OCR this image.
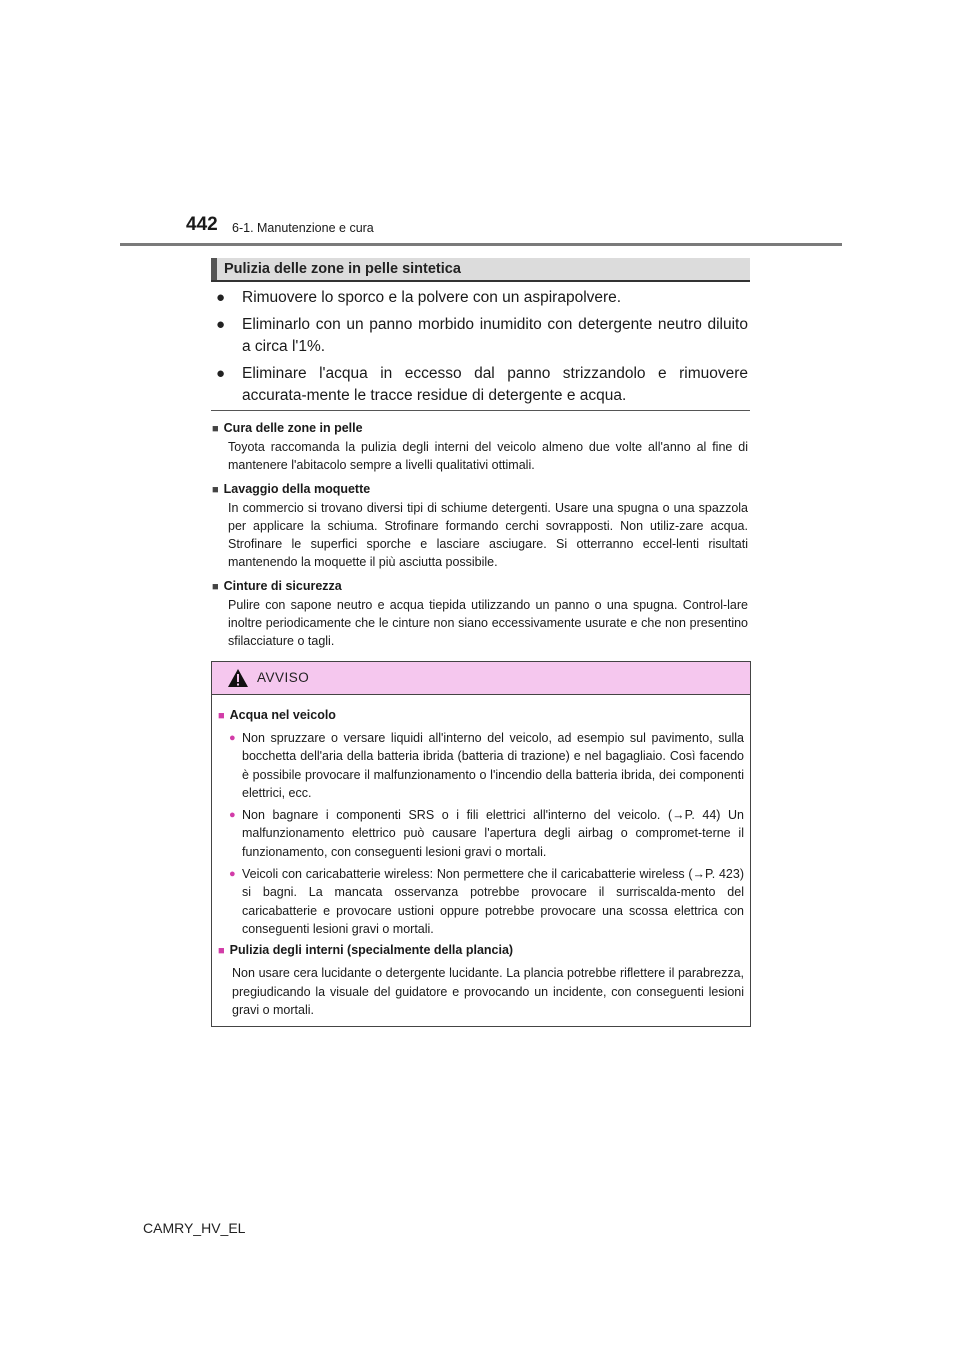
442 6-1. Manutenzione e cura
Pulizia delle zone in pelle sintetica
● Rimuovere lo sporco e la polvere con un aspirapolvere.
● Eliminarlo con un panno morbido inumidito con detergente neutro diluito a circa l'1%.
● Eliminare l'acqua in eccesso dal panno strizzandolo e rimuovere accurata-mente le tracce residue di detergente e acqua.
■ Cura delle zone in pelle
Toyota raccomanda la pulizia degli interni del veicolo almeno due volte all'anno al fine di mantenere l'abitacolo sempre a livelli qualitativi ottimali.
■ Lavaggio della moquette
In commercio si trovano diversi tipi di schiume detergenti. Usare una spugna o una spazzola per applicare la schiuma. Strofinare formando cerchi sovrapposti. Non utiliz-zare acqua. Strofinare le superfici sporche e lasciare asciugare. Si otterranno eccel-lenti risultati mantenendo la moquette il più asciutta possibile.
■ Cinture di sicurezza
Pulire con sapone neutro e acqua tiepida utilizzando un panno o una spugna. Control-lare inoltre periodicamente che le cinture non siano eccessivamente usurate e che non presentino sfilacciature o tagli.
AVVISO
■ Acqua nel veicolo
● Non spruzzare o versare liquidi all'interno del veicolo, ad esempio sul pavimento, sulla bocchetta dell'aria della batteria ibrida (batteria di trazione) e nel bagagliaio. Così facendo è possibile provocare il malfunzionamento o l'incendio della batteria ibrida, dei componenti elettrici, ecc.
● Non bagnare i componenti SRS o i fili elettrici all'interno del veicolo. (→P. 44) Un malfunzionamento elettrico può causare l'apertura degli airbag o compromet-terne il funzionamento, con conseguenti lesioni gravi o mortali.
● Veicoli con caricabatterie wireless: Non permettere che il caricabatterie wireless (→P. 423) si bagni. La mancata osservanza potrebbe provocare il surriscalda-mento del caricabatterie e provocare ustioni oppure potrebbe provocare una scossa elettrica con conseguenti lesioni gravi o mortali.
■ Pulizia degli interni (specialmente della plancia)
Non usare cera lucidante o detergente lucidante. La plancia potrebbe riflettere il parabrezza, pregiudicando la visuale del guidatore e provocando un incidente, con conseguenti lesioni gravi o mortali.
CAMRY_HV_EL
